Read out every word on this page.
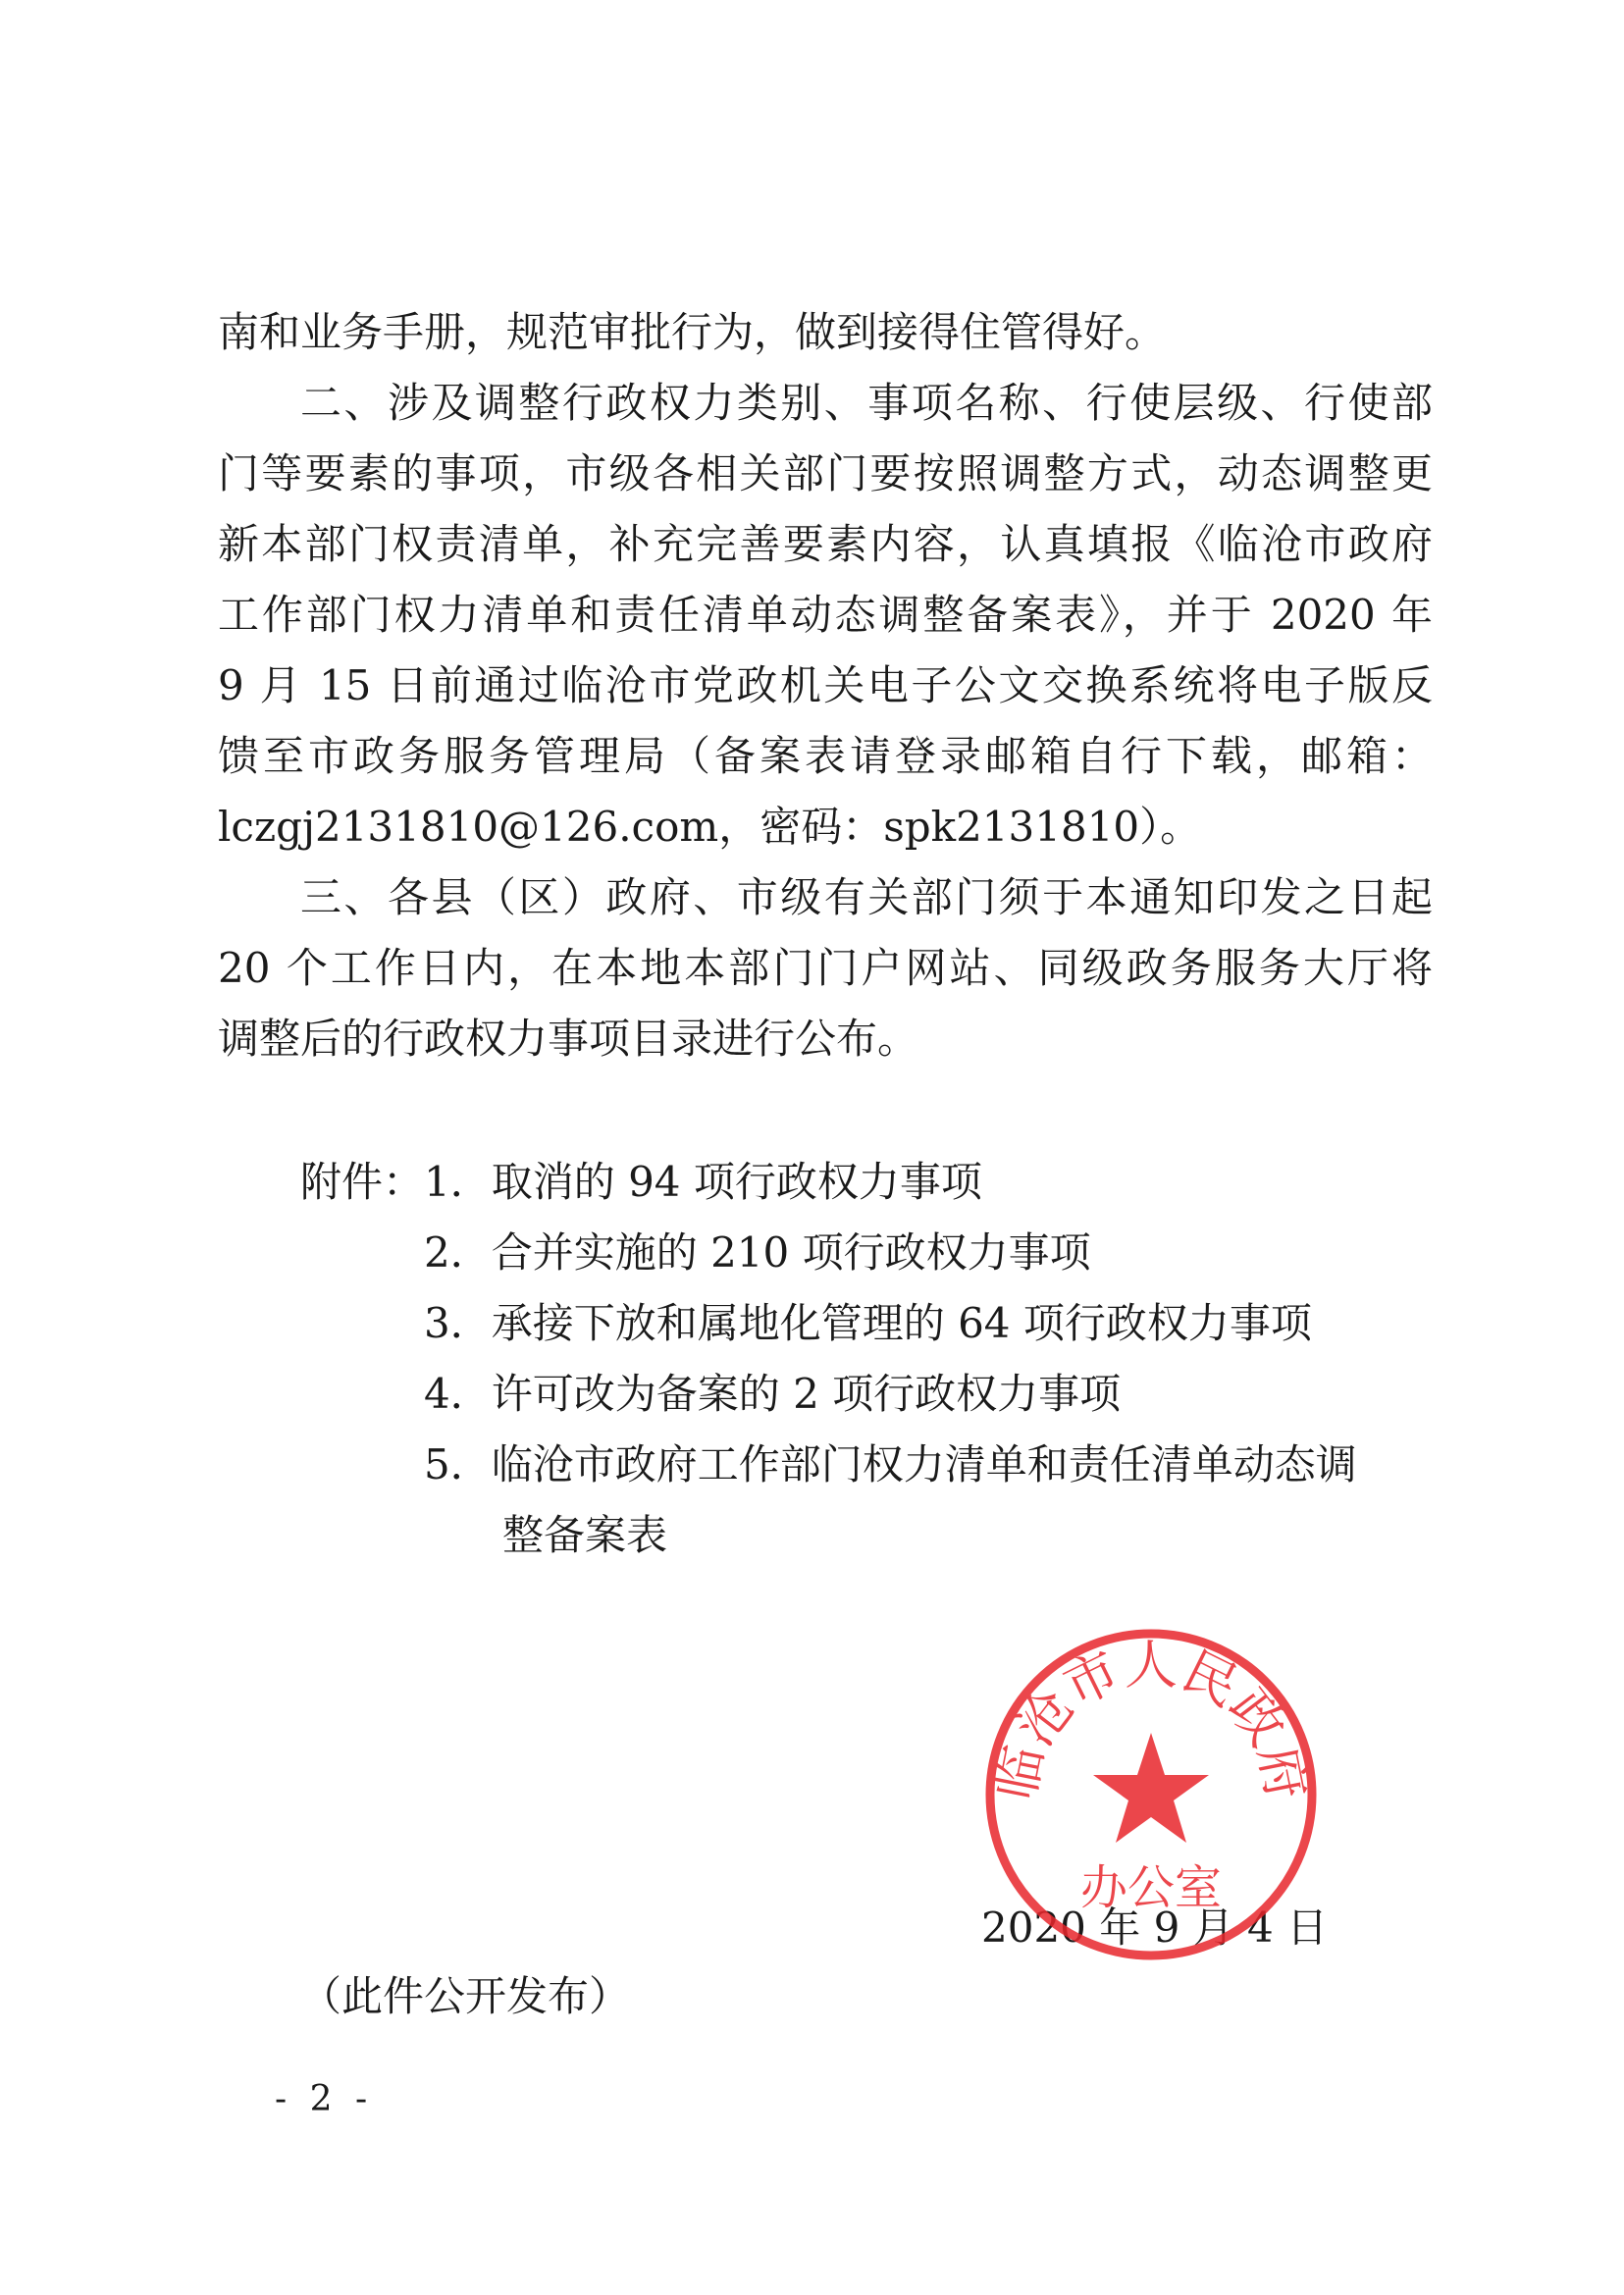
南和业务手册，规范审批行为，做到接得住管得好。
二、涉及调整行政权力类别、事项名称、行使层级、行使部
门等要素的事项，市级各相关部门要按照调整方式，动态调整更
新本部门权责清单，补充完善要素内容，认真填报《临沧市政府
工作部门权力清单和责任清单动态调整备案表》，并于 2020 年
9 月 15 日前通过临沧市党政机关电子公文交换系统将电子版反
馈至市政务服务管理局（备案表请登录邮箱自行下载，邮箱：
lczgj2131810@126.com，密码：spk2131810）。
三、各县（区）政府、市级有关部门须于本通知印发之日起
20 个工作日内，在本地本部门门户网站、同级政务服务大厅将
调整后的行政权力事项目录进行公布。
附件： 1．取消的 94 项行政权力事项
2．合并实施的 210 项行政权力事项
3．承接下放和属地化管理的 64 项行政权力事项
4．许可改为备案的 2 项行政权力事项
5．临沧市政府工作部门权力清单和责任清单动态调
整备案表
2020 年 9 月 4 日
临沧市人民政府
办公室
（此件公开发布）
- 2 -
